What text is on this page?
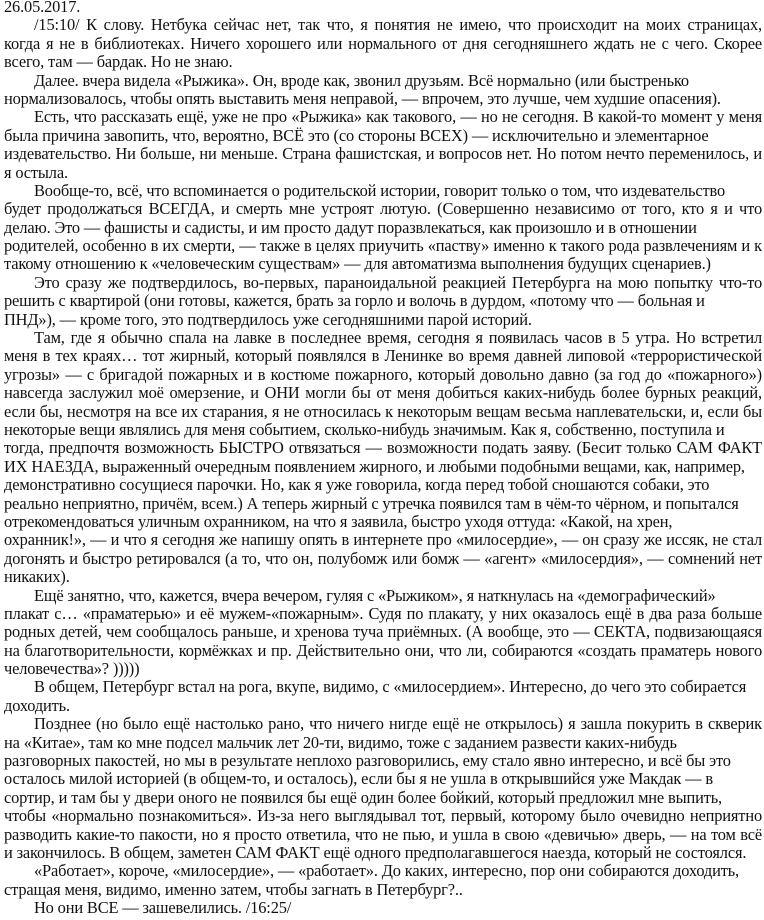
26.05.2017.
/15:10/ К слову. Нетбука сейчас нет, так что, я понятия не имею, что происходит на моих страницах,
когда я не в библиотеках. Ничего хорошего или нормального от дня сегодняшнего ждать не с чего. Скорее
всего, там — бардак. Но не знаю.
Далее. вчера видела «Рыжика». Он, вроде как, звонил друзьям. Всё нормально (или быстренько
нормализовалось, чтобы опять выставить меня неправой, — впрочем, это лучше, чем худшие опасения).
Есть, что рассказать ещё, уже не про «Рыжика» как такового, — но не сегодня. В какой-то момент у меня
была причина завопить, что, вероятно, ВСЁ это (со стороны ВСЕХ) — исключительно и элементарное
издевательство. Ни больше, ни меньше. Страна фашистская, и вопросов нет. Но потом нечто переменилось, и
я остыла.
Вообще-то, всё, что вспоминается о родительской истории, говорит только о том, что издевательство
будет продолжаться ВСЕГДА, и смерть мне устроят лютую. (Совершенно независимо от того, кто я и что
делаю. Это — фашисты и садисты, и им просто дадут поразвлекаться, как произошло и в отношении
родителей, особенно в их смерти, — также в целях приучить «паству» именно к такого рода развлечениям и к
такому отношению к «человеческим существам» — для автоматизма выполнения будущих сценариев.)
Это сразу же подтвердилось, во-первых, параноидальной реакцией Петербурга на мою попытку что-то
решить с квартирой (они готовы, кажется, брать за горло и волочь в дурдом, «потому что — больная и
ПНД»), — кроме того, это подтвердилось уже сегодняшними парой историй.
Там, где я обычно спала на лавке в последнее время, сегодня я появилась часов в 5 утра. Но встретил
меня в тех краях… тот жирный, который появлялся в Ленинке во время давней липовой «террористической
угрозы» — с бригадой пожарных и в костюме пожарного, который довольно давно (за год до «пожарного»)
навсегда заслужил моё омерзение, и ОНИ могли бы от меня добиться каких-нибудь более бурных реакций,
если бы, несмотря на все их старания, я не относилась к некоторым вещам весьма наплевательски, и, если бы
некоторые вещи являлись для меня событием, сколько-нибудь значимым. Как я, собственно, поступила и
тогда, предпочтя возможность БЫСТРО отвязаться — возможности подать заяву. (Бесит только САМ ФАКТ
ИХ НАЕЗДА, выраженный очередным появлением жирного, и любыми подобными вещами, как, например,
демонстративно сосущиеся парочки. Но, как я уже говорила, когда перед тобой сношаются собаки, это
реально неприятно, причём, всем.) А теперь жирный с утречка появился там в чём-то чёрном, и попытался
отрекомендоваться уличным охранником, на что я заявила, быстро уходя оттуда: «Какой, на хрен,
охранник!», — и что я сегодня же напишу опять в интернете про «милосердие», — он сразу же иссяк, не стал
догонять и быстро ретировался (а то, что он, полубомж или бомж — «агент» «милосердия», — сомнений нет
никаких).
Ещё занятно, что, кажется, вчера вечером, гуляя с «Рыжиком», я наткнулась на «демографический»
плакат с… «праматерью» и её мужем-«пожарным». Судя по плакату, у них оказалось ещё в два раза больше
родных детей, чем сообщалось раньше, и хренова туча приёмных. (А вообще, это — СЕКТА, подвизающаяся
на благотворительности, кормёжках и пр. Действительно они, что ли, собираются «создать праматерь нового
человечества»? )))))
В общем, Петербург встал на рога, вкупе, видимо, с «милосердием». Интересно, до чего это собирается
доходить.
Позднее (но было ещё настолько рано, что ничего нигде ещё не открылось) я зашла покурить в скверик
на «Китае», там ко мне подсел мальчик лет 20-ти, видимо, тоже с заданием развести каких-нибудь
разговорных пакостей, но мы в результате неплохо разговорились, ему стало явно интересно, и всё бы это
осталось милой историей (в общем-то, и осталось), если бы я не ушла в открывшийся уже Макдак — в
сортир, и там бы у двери оного не появился бы ещё один более бойкий, который предложил мне выпить,
чтобы «нормально познакомиться». Из-за него выглядывал тот, первый, которому было очевидно неприятно
разводить какие-то пакости, но я просто ответила, что не пью, и ушла в свою «девичью» дверь, — на том всё
и закончилось. В общем, заметен САМ ФАКТ ещё одного предполагавшегося наезда, который не состоялся.
«Работает», короче, «милосердие», — «работает». До каких, интересно, пор они собираются доходить,
стращая меня, видимо, именно затем, чтобы загнать в Петербург?..
Но они ВСЕ — зашевелились. /16:25/
